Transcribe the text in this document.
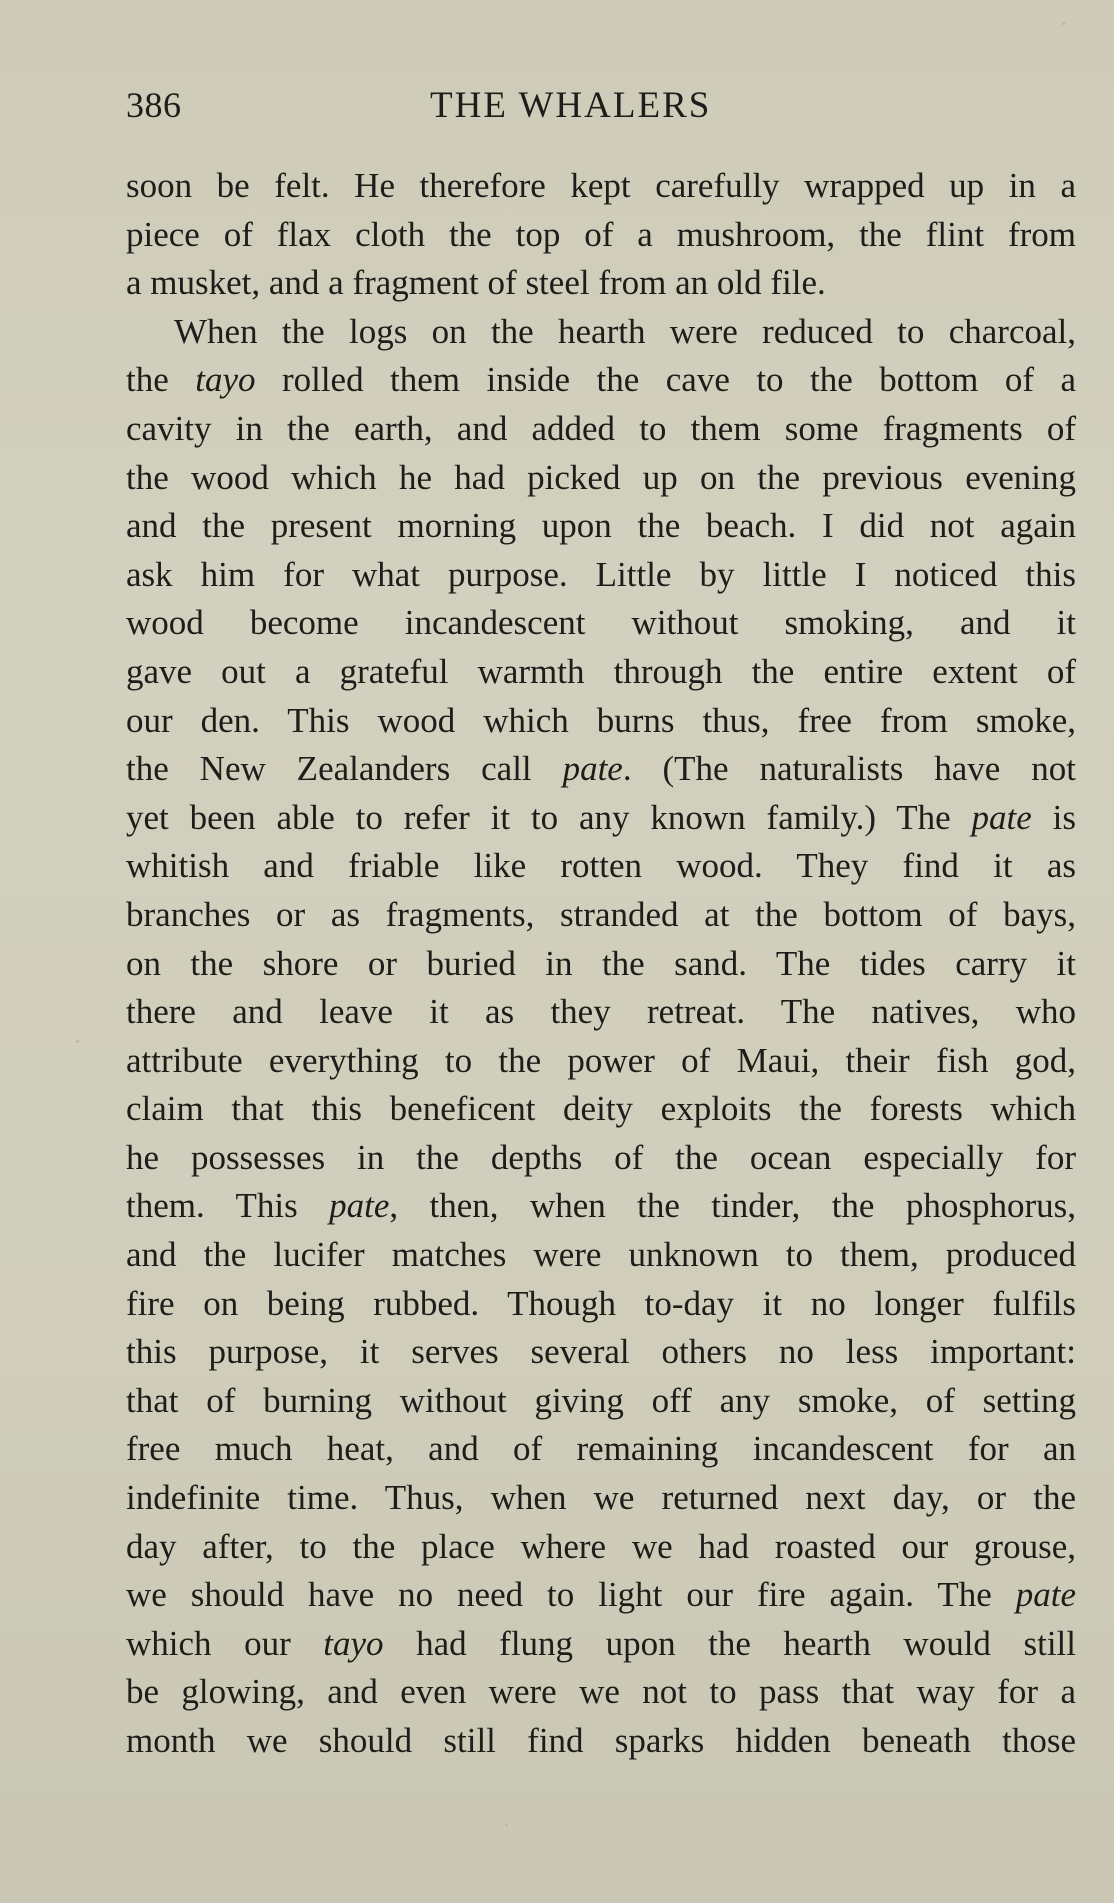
386	THE WHALERS
soon be felt. He therefore kept carefully wrapped up in a
piece of flax cloth the top of a mushroom, the flint from
a musket, and a fragment of steel from an old file.
When the logs on the hearth were reduced to charcoal,
the tayo rolled them inside the cave to the bottom of a
cavity in the earth, and added to them some fragments of
the wood which he had picked up on the previous evening
and the present morning upon the beach. I did not again
ask him for what purpose. Little by little I noticed this
wood become incandescent without smoking, and it
gave out a grateful warmth through the entire extent of
our den. This wood which burns thus, free from smoke,
the New Zealanders call pate. (The naturalists have not
yet been able to refer it to any known family.) The pate is
whitish and friable like rotten wood. They find it as
branches or as fragments, stranded at the bottom of bays,
on the shore or buried in the sand. The tides carry it
there and leave it as they retreat. The natives, who
attribute everything to the power of Maui, their fish god,
claim that this beneficent deity exploits the forests which
he possesses in the depths of the ocean especially for
them. This pate, then, when the tinder, the phosphorus,
and the lucifer matches were unknown to them, produced
fire on being rubbed. Though to-day it no longer fulfils
this purpose, it serves several others no less important:
that of burning without giving off any smoke, of setting
free much heat, and of remaining incandescent for an
indefinite time. Thus, when we returned next day, or the
day after, to the place where we had roasted our grouse,
we should have no need to light our fire again. The pate
which our tayo had flung upon the hearth would still
be glowing, and even were we not to pass that way for a
month we should still find sparks hidden beneath those
